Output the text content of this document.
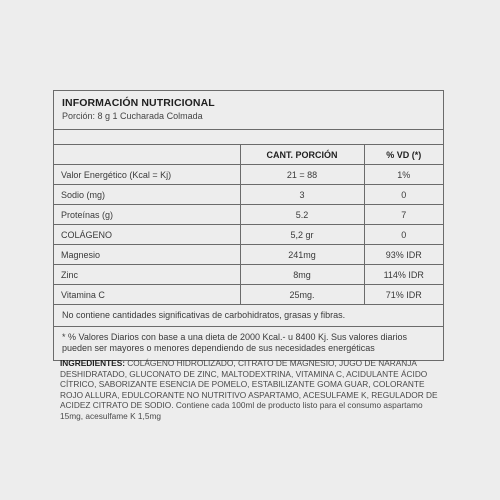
INFORMACIÓN NUTRICIONAL
Porción: 8 g 1 Cucharada Colmada
	CANT. PORCIÓN	% VD (*)
Valor Energético (Kcal = Kj)	21 = 88	1%
Sodio (mg)	3	0
Proteínas (g)	5.2	7
COLÁGENO	5,2 gr	0
Magnesio	241mg	93% IDR
Zinc	8mg	114% IDR
Vitamina C	25mg.	71% IDR
No contiene cantidades significativas de carbohidratos, grasas y fibras.
* % Valores Diarios con base a una dieta de 2000 Kcal.- u 8400 Kj. Sus valores diarios pueden ser mayores o menores dependiendo de sus necesidades energéticas
INGREDIENTES: COLÁGENO HIDROLIZADO, CITRATO DE MAGNESIO, JUGO DE NARANJA DESHIDRATADO, GLUCONATO DE ZINC, MALTODEXTRINA, VITAMINA C, ACIDULANTE ÁCIDO CÍTRICO, SABORIZANTE ESENCIA DE POMELO, ESTABILIZANTE GOMA GUAR, COLORANTE ROJO ALLURA, EDULCORANTE NO NUTRITIVO ASPARTAMO, ACESULFAME K, REGULADOR DE ACIDEZ CITRATO DE SODIO. Contiene cada 100ml de producto listo para el consumo aspartamo 15mg, acesulfame K 1,5mg
